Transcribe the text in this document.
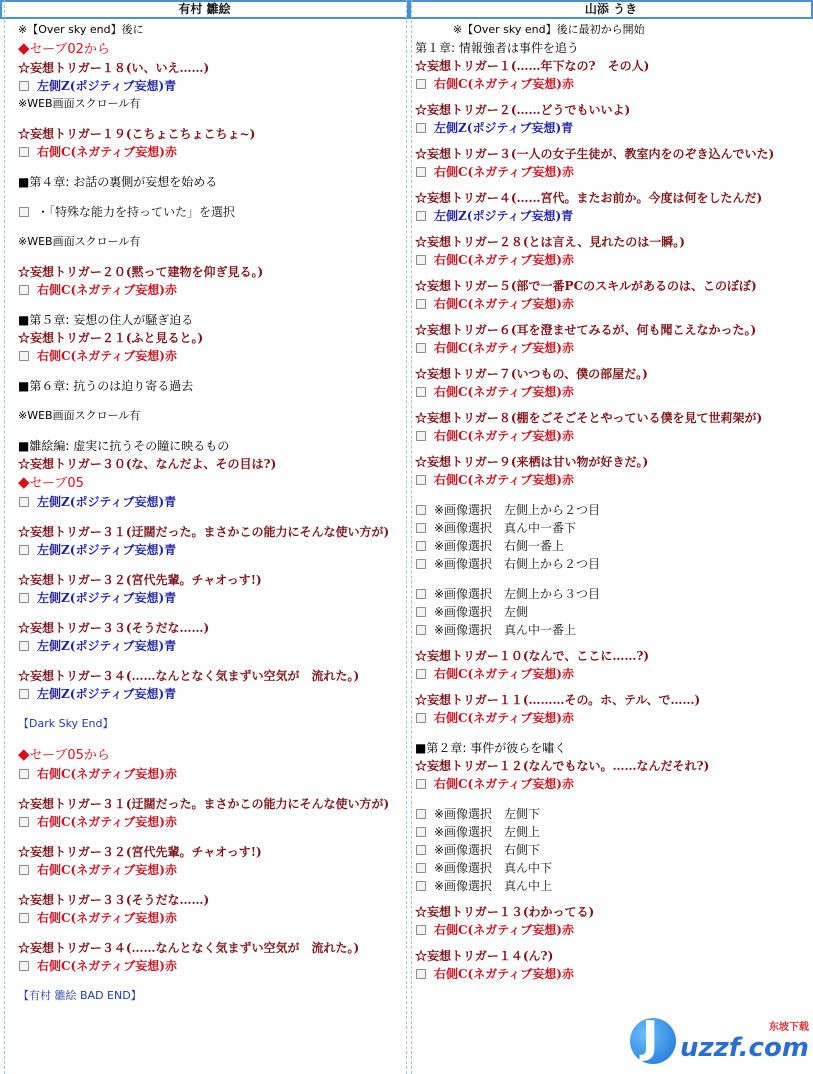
有村 雛絵
※【Over sky end】後に
◆セーブ02から
☆妄想トリガー１８(い、いえ……)
左側Z(ポジティブ妄想)青
※WEB画面スクロール有
☆妄想トリガー１９(こちょこちょこちょ~)
右側C(ネガティブ妄想)赤
■第４章: お話の裏側が妄想を始める
・「特殊な能力を持っていた」を選択
※WEB画面スクロール有
☆妄想トリガー２０(黙って建物を仰ぎ見る。)
右側C(ネガティブ妄想)赤
■第５章: 妄想の住人が騒ぎ迫る
☆妄想トリガー２１(ふと見ると。)
右側C(ネガティブ妄想)赤
■第６章: 抗うのは迫り寄る過去
※WEB画面スクロール有
■雛絵編: 虚実に抗うその瞳に映るもの
☆妄想トリガー３０(な、なんだよ、その目は?)
◆セーブ05
左側Z(ポジティブ妄想)青
☆妄想トリガー３１(迂闊だった。まさかこの能力にそんな使い方が)
左側Z(ポジティブ妄想)青
☆妄想トリガー３２(宮代先輩。チャオっす!)
左側Z(ポジティブ妄想)青
☆妄想トリガー３３(そうだな……)
左側Z(ポジティブ妄想)青
☆妄想トリガー３４(……なんとなく気まずい空気が　流れた。)
左側Z(ポジティブ妄想)青
【Dark Sky End】
◆セーブ05から
右側C(ネガティブ妄想)赤
☆妄想トリガー３１(迂闊だった。まさかこの能力にそんな使い方が)
右側C(ネガティブ妄想)赤
☆妄想トリガー３２(宮代先輩。チャオっす!)
右側C(ネガティブ妄想)赤
☆妄想トリガー３３(そうだな……)
右側C(ネガティブ妄想)赤
☆妄想トリガー３４(……なんとなく気まずい空気が　流れた。)
右側C(ネガティブ妄想)赤
【有村 雛絵 BAD END】
山添 うき
※【Over sky end】後に最初から開始
第１章: 情報強者は事件を追う
☆妄想トリガー１(……年下なの?　その人)
右側C(ネガティブ妄想)赤
☆妄想トリガー２(……どうでもいいよ)
左側Z(ポジティブ妄想)青
☆妄想トリガー３(一人の女子生徒が、教室内をのぞき込んでいた)
右側C(ネガティブ妄想)赤
☆妄想トリガー４(……宮代。またお前か。今度は何をしたんだ)
左側Z(ポジティブ妄想)青
☆妄想トリガー２８(とは言え、見れたのは一瞬。)
右側C(ネガティブ妄想)赤
☆妄想トリガー５(部で一番PCのスキルがあるのは、このぼぼ)
右側C(ネガティブ妄想)赤
☆妄想トリガー６(耳を澄ませてみるが、何も聞こえなかった。)
右側C(ネガティブ妄想)赤
☆妄想トリガー７(いつもの、僕の部屋だ。)
右側C(ネガティブ妄想)赤
☆妄想トリガー８(棚をごそごそとやっている僕を見て世莉架が)
右側C(ネガティブ妄想)赤
☆妄想トリガー９(来栖は甘い物が好きだ。)
右側C(ネガティブ妄想)赤
※画像選択　左側上から２つ目
※画像選択　真ん中一番下
※画像選択　右側一番上
※画像選択　右側上から２つ目
※画像選択　左側上から３つ目
※画像選択　左側
※画像選択　真ん中一番上
☆妄想トリガー１０(なんで、ここに……?)
右側C(ネガティブ妄想)赤
☆妄想トリガー１１(………その。ホ、テル、で……)
右側C(ネガティブ妄想)赤
■第２章: 事件が彼らを嘯く
☆妄想トリガー１２(なんでもない。……なんだそれ?)
右側C(ネガティブ妄想)赤
※画像選択　左側下
※画像選択　左側上
※画像選択　右側下
※画像選択　真ん中下
※画像選択　真ん中上
☆妄想トリガー１３(わかってる)
右側C(ネガティブ妄想)赤
☆妄想トリガー１４(ん?)
右側C(ネガティブ妄想)赤
J	东坡下载
uzzf.com
